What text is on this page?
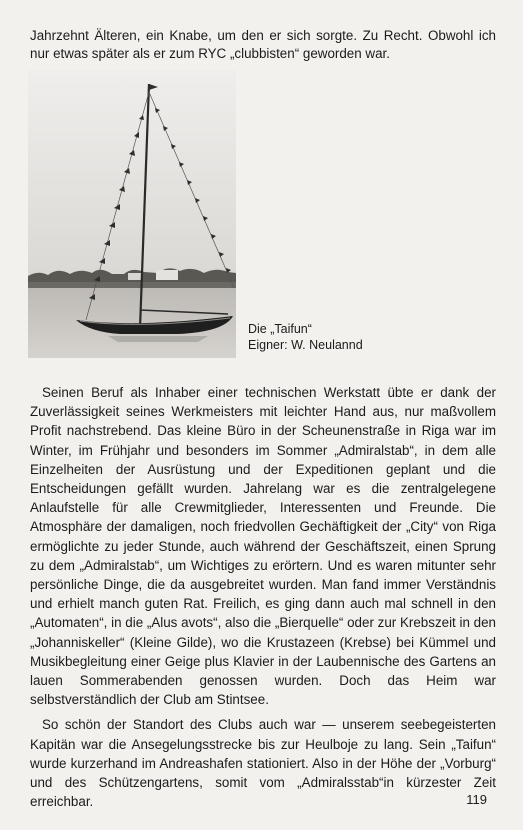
Jahrzehnt Älteren, ein Knabe, um den er sich sorgte. Zu Recht. Obwohl ich nur etwas später als er zum RYC „clubbisten“ geworden war.

Die „Taifun“
Eigner: W. Neulannd

Seinen Beruf als Inhaber einer technischen Werkstatt übte er dank der Zuverlässigkeit seines Werkmeisters mit leichter Hand aus, nur maßvollem Profit nachstrebend. Das kleine Büro in der Scheunenstraße in Riga war im Winter, im Frühjahr und besonders im Sommer „Admiralstab“, in dem alle Einzelheiten der Ausrüstung und der Expeditionen geplant und die Entscheidungen gefällt wurden. Jahrelang war es die zentralgelegene Anlaufstelle für alle Crewmitglieder, Interessenten und Freunde. Die Atmosphäre der damaligen, noch friedvollen Gechäftigkeit der „City“ von Riga ermöglichte zu jeder Stunde, auch während der Geschäftszeit, einen Sprung zu dem „Admiralstab“, um Wichtiges zu erörtern. Und es waren mitunter sehr persönliche Dinge, die da ausgebreitet wurden. Man fand immer Verständnis und erhielt manch guten Rat. Freilich, es ging dann auch mal schnell in den „Automaten“, in die „Alus avots“, also die „Bierquelle“ oder zur Krebszeit in den „Johanniskeller“ (Kleine Gilde), wo die Krustazeen (Krebse) bei Kümmel und Musikbegleitung einer Geige plus Klavier in der Laubennische des Gartens an lauen Sommerabenden genossen wurden. Doch das Heim war selbstverständlich der Club am Stintsee.

So schön der Standort des Clubs auch war — unserem seebegeisterten Kapitän war die Ansegelungsstrecke bis zur Heulboje zu lang. Sein „Taifun“ wurde kurzerhand im Andreashafen stationiert. Also in der Höhe der „Vorburg“ und des Schützengartens, somit vom „Admiralsstab“in kürzester Zeit erreichbar.	119
